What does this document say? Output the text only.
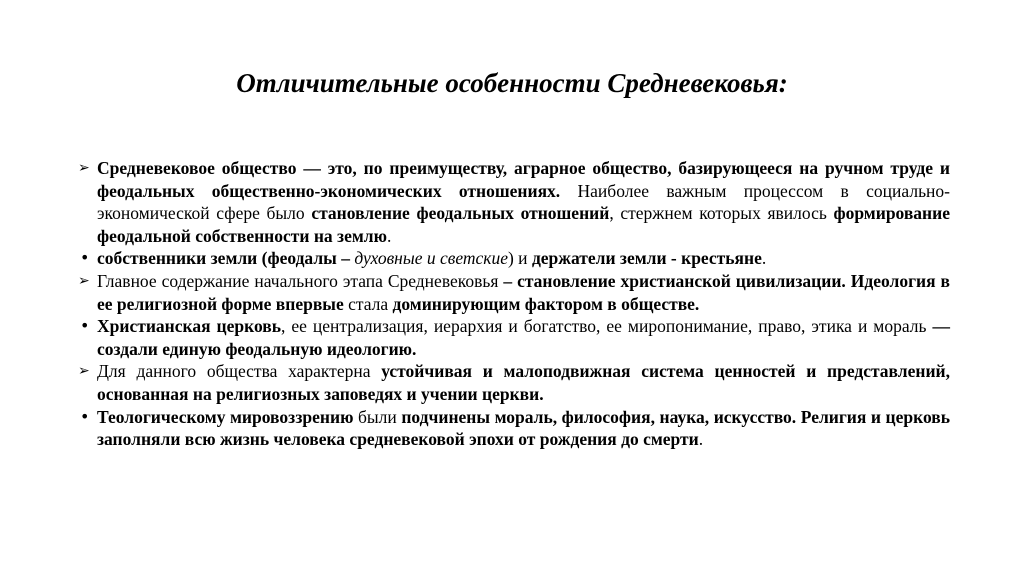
Отличительные особенности Средневековья:
➢ Средневековое общество — это, по преимуществу, аграрное общество, базирующееся на ручном труде и феодальных общественно-экономических отношениях. Наиболее важным процессом в социально-экономической сфере было становление феодальных отношений, стержнем которых явилось формирование феодальной собственности на землю.
• собственники земли (феодалы – духовные и светские) и держатели земли - крестьяне.
➢ Главное содержание начального этапа Средневековья – становление христианской цивилизации. Идеология в ее религиозной форме впервые стала доминирующим фактором в обществе.
• Христианская церковь, ее централизация, иерархия и богатство, ее миропонимание, право, этика и мораль — создали единую феодальную идеологию.
➢ Для данного общества характерна устойчивая и малоподвижная система ценностей и представлений, основанная на религиозных заповедях и учении церкви.
• Теологическому мировоззрению были подчинены мораль, философия, наука, искусство. Религия и церковь заполняли всю жизнь человека средневековой эпохи от рождения до смерти.
